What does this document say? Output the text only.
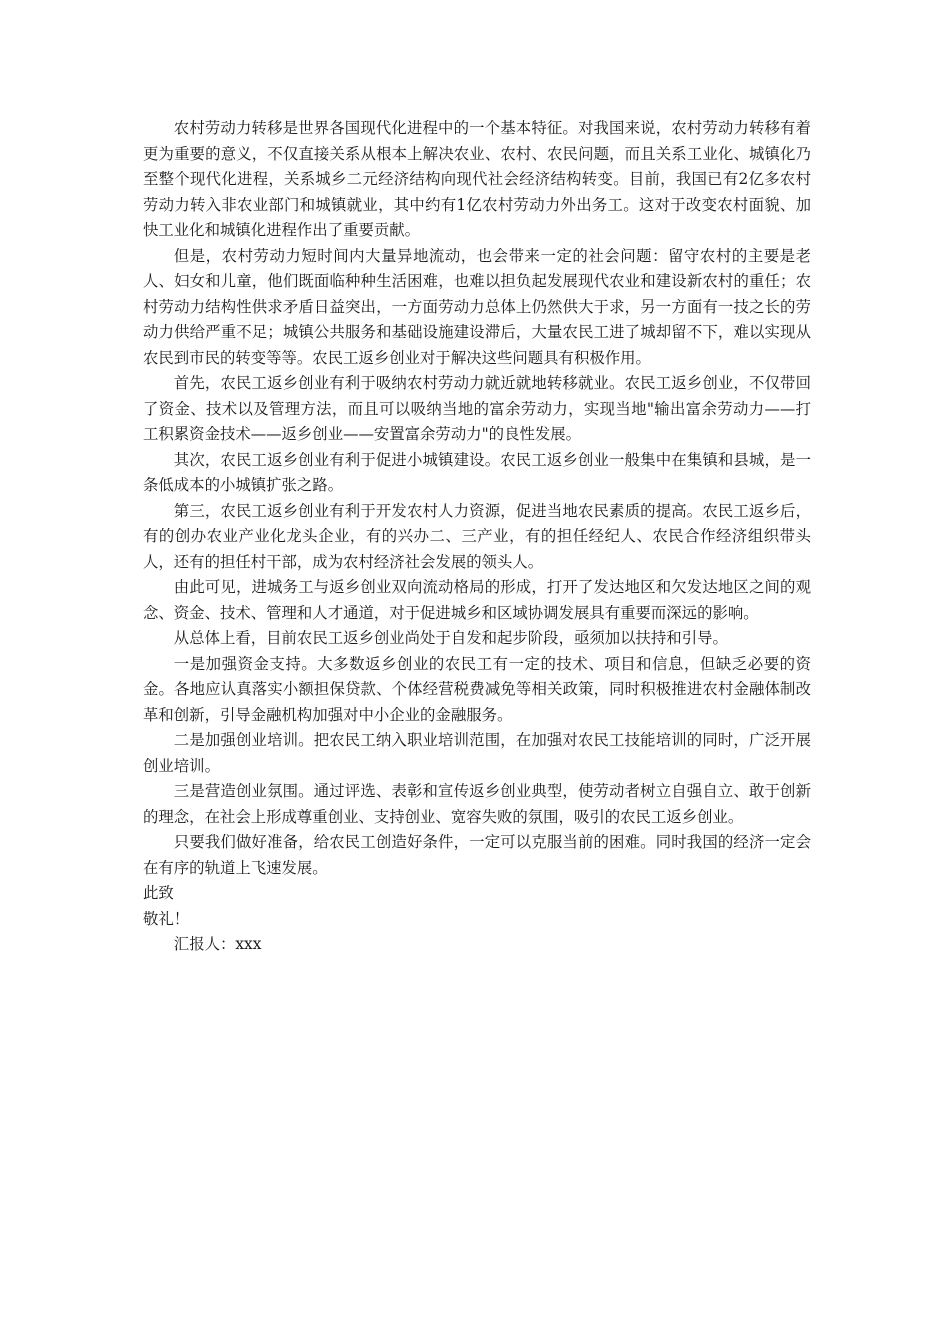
农村劳动力转移是世界各国现代化进程中的一个基本特征。对我国来说，农村劳动力转移有着更为重要的意义，不仅直接关系从根本上解决农业、农村、农民问题，而且关系工业化、城镇化乃至整个现代化进程，关系城乡二元经济结构向现代社会经济结构转变。目前，我国已有2亿多农村劳动力转入非农业部门和城镇就业，其中约有1亿农村劳动力外出务工。这对于改变农村面貌、加快工业化和城镇化进程作出了重要贡献。

但是，农村劳动力短时间内大量异地流动，也会带来一定的社会问题：留守农村的主要是老人、妇女和儿童，他们既面临种种生活困难，也难以担负起发展现代农业和建设新农村的重任；农村劳动力结构性供求矛盾日益突出，一方面劳动力总体上仍然供大于求，另一方面有一技之长的劳动力供给严重不足；城镇公共服务和基础设施建设滞后，大量农民工进了城却留不下，难以实现从农民到市民的转变等等。农民工返乡创业对于解决这些问题具有积极作用。

首先，农民工返乡创业有利于吸纳农村劳动力就近就地转移就业。农民工返乡创业，不仅带回了资金、技术以及管理方法，而且可以吸纳当地的富余劳动力，实现当地"输出富余劳动力——打工积累资金技术——返乡创业——安置富余劳动力"的良性发展。

其次，农民工返乡创业有利于促进小城镇建设。农民工返乡创业一般集中在集镇和县城，是一条低成本的小城镇扩张之路。

第三，农民工返乡创业有利于开发农村人力资源，促进当地农民素质的提高。农民工返乡后，有的创办农业产业化龙头企业，有的兴办二、三产业，有的担任经纪人、农民合作经济组织带头人，还有的担任村干部，成为农村经济社会发展的领头人。

由此可见，进城务工与返乡创业双向流动格局的形成，打开了发达地区和欠发达地区之间的观念、资金、技术、管理和人才通道，对于促进城乡和区域协调发展具有重要而深远的影响。

从总体上看，目前农民工返乡创业尚处于自发和起步阶段，亟须加以扶持和引导。

一是加强资金支持。大多数返乡创业的农民工有一定的技术、项目和信息，但缺乏必要的资金。各地应认真落实小额担保贷款、个体经营税费减免等相关政策，同时积极推进农村金融体制改革和创新，引导金融机构加强对中小企业的金融服务。

二是加强创业培训。把农民工纳入职业培训范围，在加强对农民工技能培训的同时，广泛开展创业培训。

三是营造创业氛围。通过评选、表彰和宣传返乡创业典型，使劳动者树立自强自立、敢于创新的理念，在社会上形成尊重创业、支持创业、宽容失败的氛围，吸引的农民工返乡创业。

只要我们做好准备，给农民工创造好条件，一定可以克服当前的困难。同时我国的经济一定会在有序的轨道上飞速发展。

此致

敬礼！

汇报人：xxx
